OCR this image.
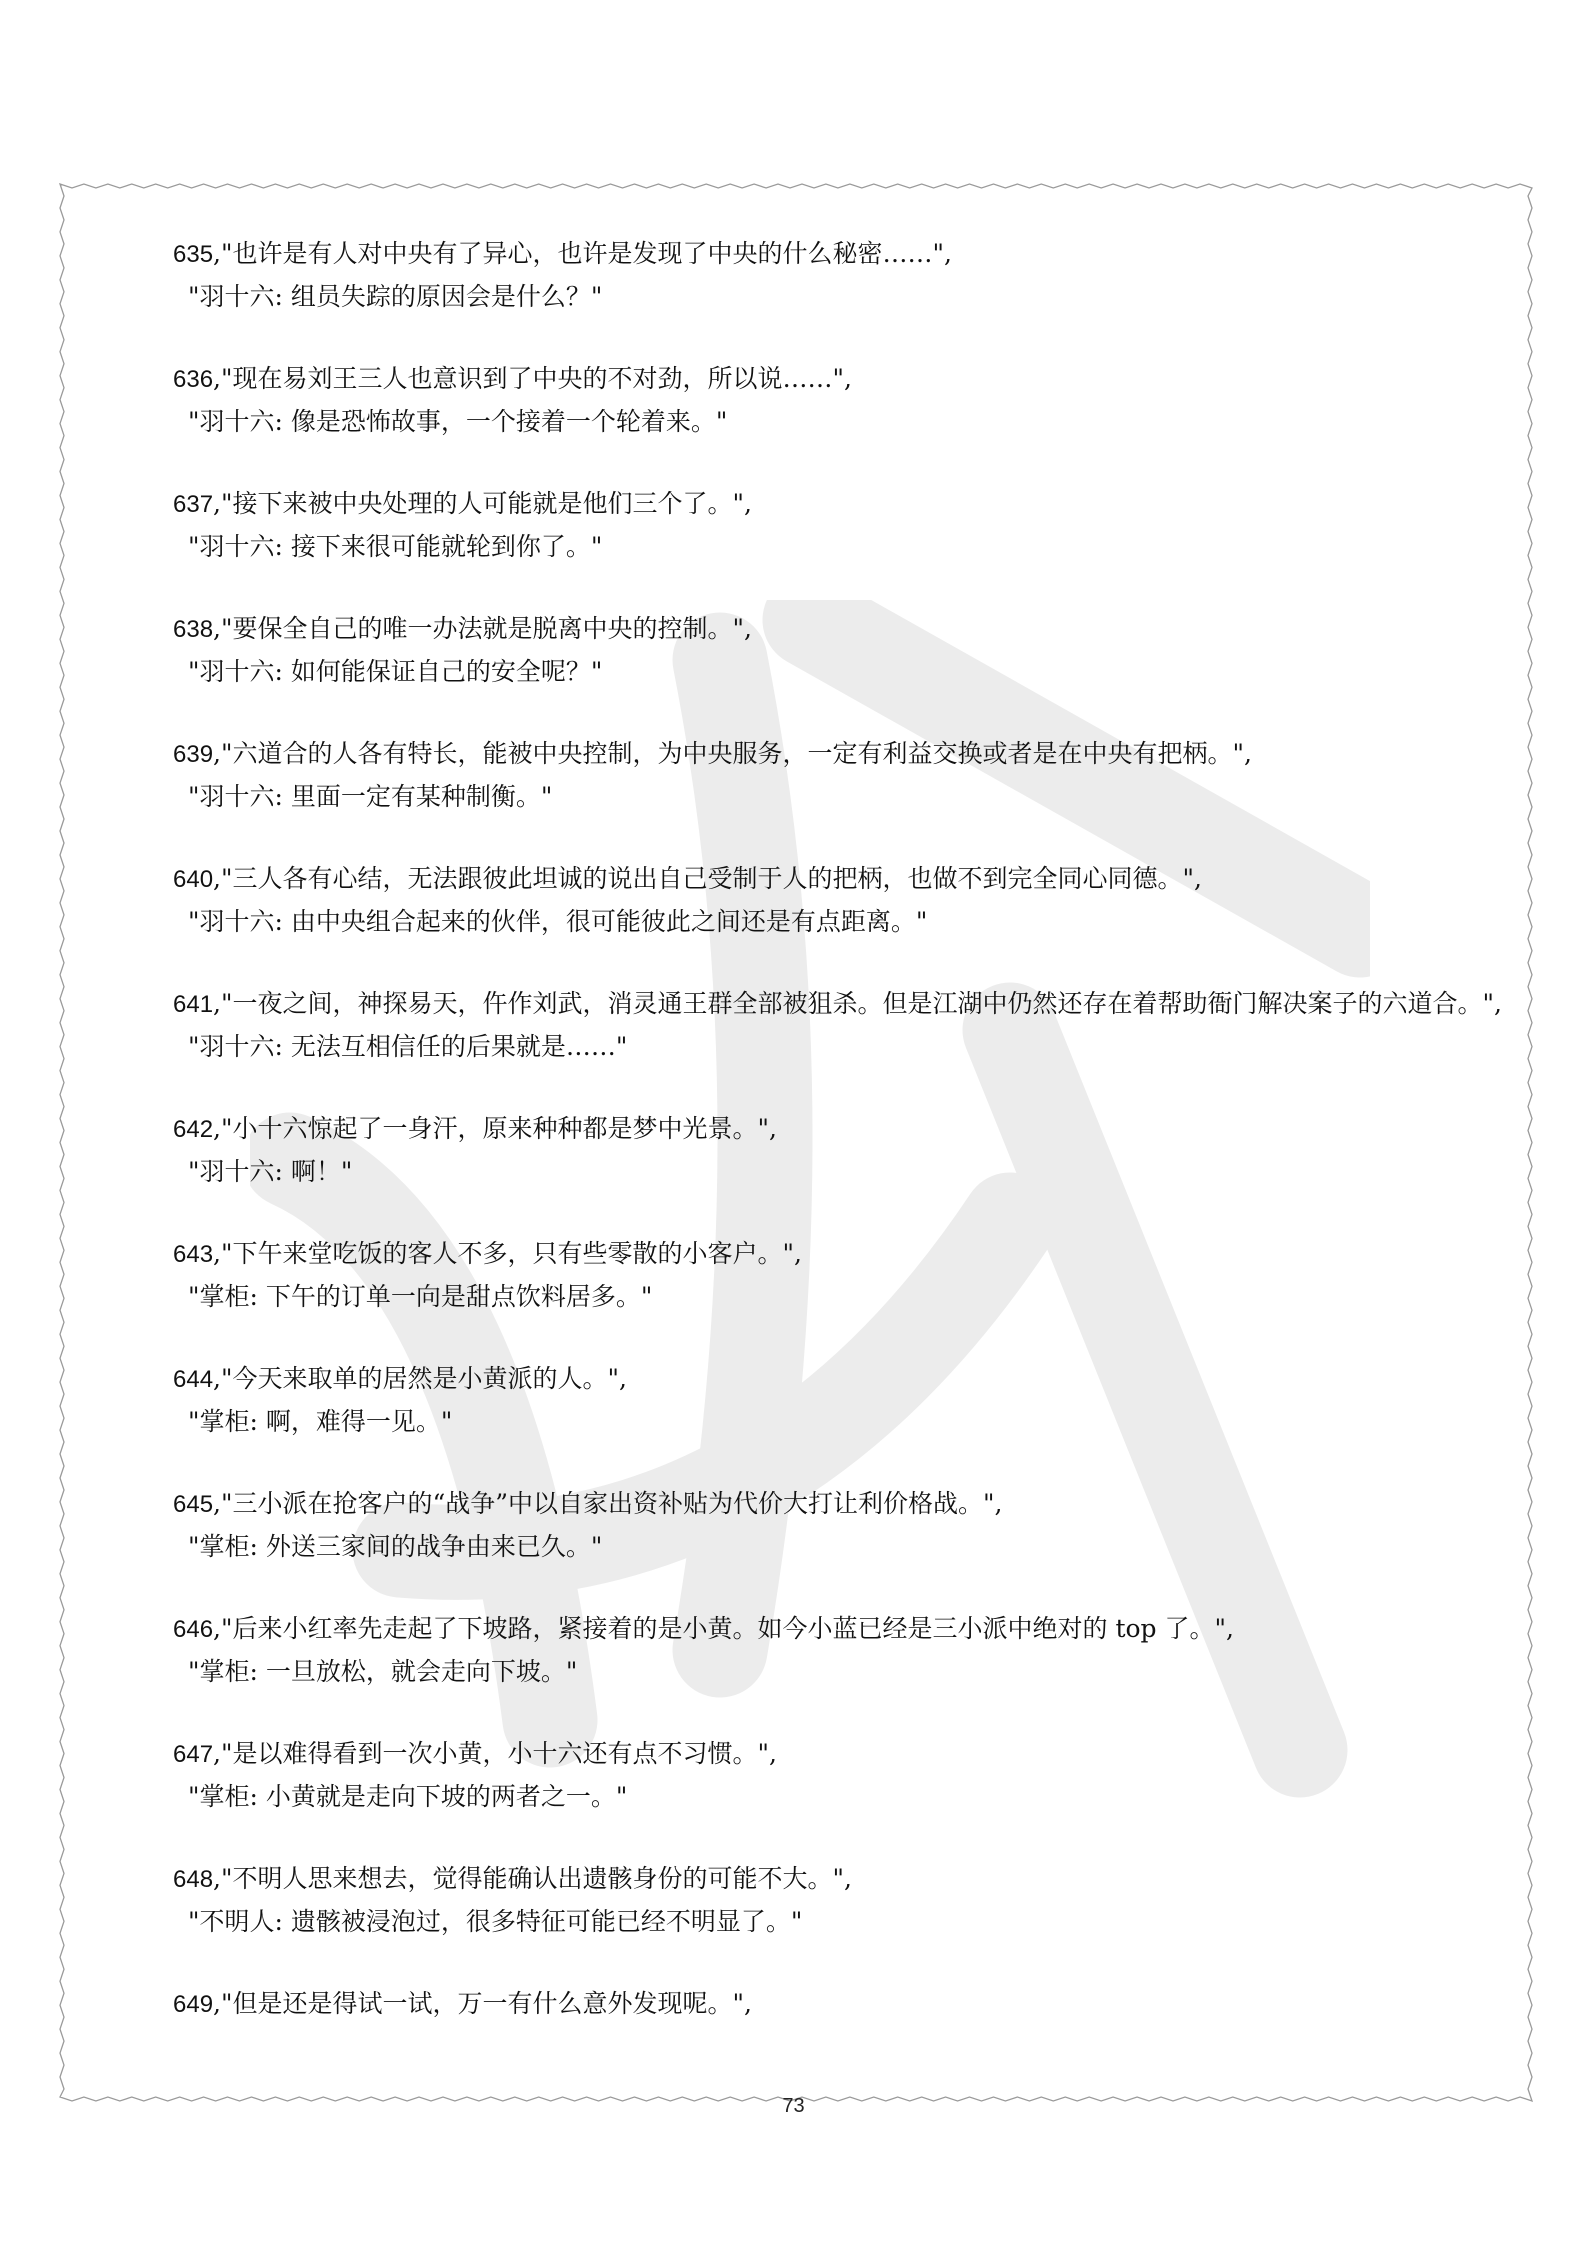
635,"也许是有人对中央有了异心，也许是发现了中央的什么秘密……",

"羽十六: 组员失踪的原因会是什么？"

636,"现在易刘王三人也意识到了中央的不对劲，所以说……",

"羽十六: 像是恐怖故事，一个接着一个轮着来。"

637,"接下来被中央处理的人可能就是他们三个了。",

"羽十六: 接下来很可能就轮到你了。"

638,"要保全自己的唯一办法就是脱离中央的控制。",

"羽十六: 如何能保证自己的安全呢？"

639,"六道合的人各有特长，能被中央控制，为中央服务，一定有利益交换或者是在中央有把柄。",

"羽十六: 里面一定有某种制衡。"

640,"三人各有心结，无法跟彼此坦诚的说出自己受制于人的把柄，也做不到完全同心同德。",

"羽十六: 由中央组合起来的伙伴，很可能彼此之间还是有点距离。"

641,"一夜之间，神探易天，仵作刘武，消灵通王群全部被狙杀。但是江湖中仍然还存在着帮助衙门解决案子的六道合。",

"羽十六: 无法互相信任的后果就是……"

642,"小十六惊起了一身汗，原来种种都是梦中光景。",

"羽十六: 啊！"

643,"下午来堂吃饭的客人不多，只有些零散的小客户。",

"掌柜: 下午的订单一向是甜点饮料居多。"

644,"今天来取单的居然是小黄派的人。",

"掌柜: 啊，难得一见。"

645,"三小派在抢客户的“战争”中以自家出资补贴为代价大打让利价格战。",

"掌柜: 外送三家间的战争由来已久。"

646,"后来小红率先走起了下坡路，紧接着的是小黄。如今小蓝已经是三小派中绝对的 top 了。",

"掌柜: 一旦放松，就会走向下坡。"

647,"是以难得看到一次小黄，小十六还有点不习惯。",

"掌柜: 小黄就是走向下坡的两者之一。"

648,"不明人思来想去，觉得能确认出遗骸身份的可能不大。",

"不明人: 遗骸被浸泡过，很多特征可能已经不明显了。"

649,"但是还是得试一试，万一有什么意外发现呢。",

73
